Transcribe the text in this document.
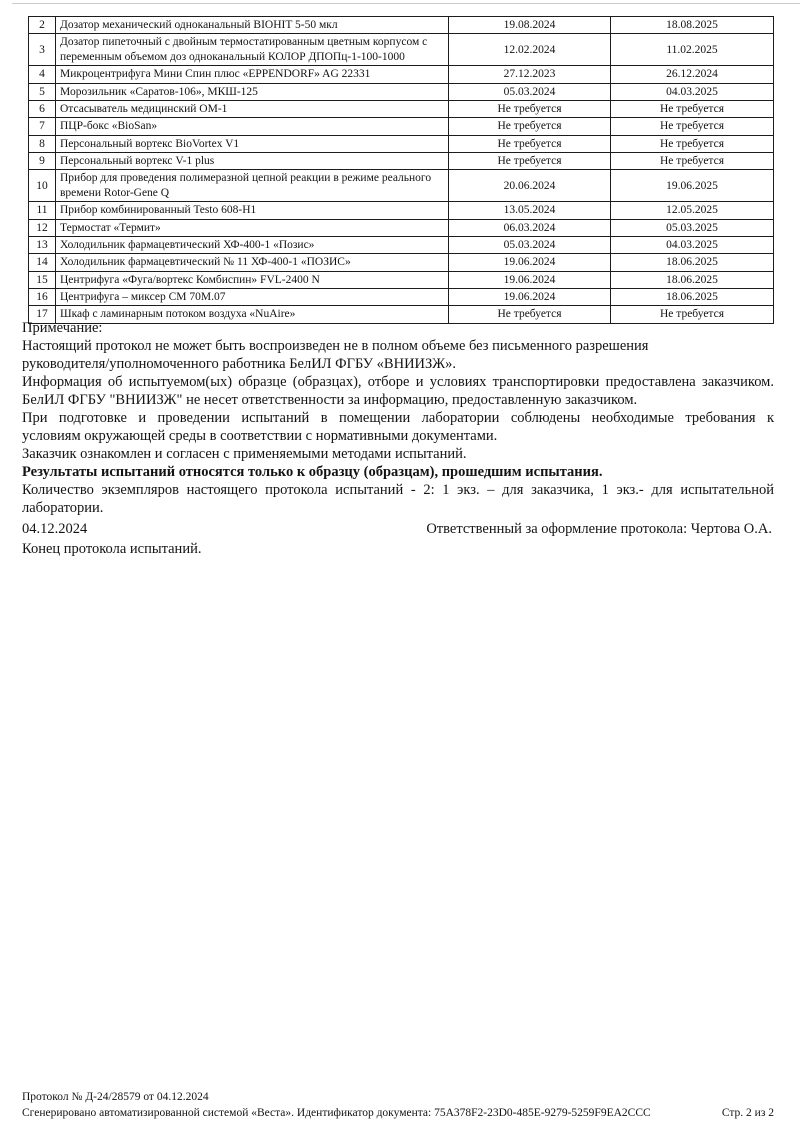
2	Дозатор механический одноканальный BIOHIT 5-50 мкл	19.08.2024	18.08.2025
3	Дозатор пипеточный с двойным термостатированным цветным корпусом с переменным объемом доз одноканальный КОЛОР ДПОПц-1-100-1000	12.02.2024	11.02.2025
4	Микроцентрифуга Мини Спин плюс «EPPENDORF» AG 22331	27.12.2023	26.12.2024
5	Морозильник «Саратов-106», МКШ-125	05.03.2024	04.03.2025
6	Отсасыватель медицинский ОМ-1	Не требуется	Не требуется
7	ПЦР-бокс «BioSan»	Не требуется	Не требуется
8	Персональный вортекс BioVortex V1	Не требуется	Не требуется
9	Персональный вортекс V-1 plus	Не требуется	Не требуется
10	Прибор для проведения полимеразной цепной реакции в режиме реального времени Rotor-Gene Q	20.06.2024	19.06.2025
11	Прибор комбинированный Testo 608-H1	13.05.2024	12.05.2025
12	Термостат «Термит»	06.03.2024	05.03.2025
13	Холодильник фармацевтический ХФ-400-1 «Позис»	05.03.2024	04.03.2025
14	Холодильник фармацевтический № 11 ХФ-400-1 «ПОЗИС»	19.06.2024	18.06.2025
15	Центрифуга «Фуга/вортекс Комбиспин» FVL-2400 N	19.06.2024	18.06.2025
16	Центрифуга – миксер СМ 70М.07	19.06.2024	18.06.2025
17	Шкаф с ламинарным потоком воздуха «NuAire»	Не требуется	Не требуется
Примечание:
Настоящий протокол не может быть воспроизведен не в полном объеме без письменного разрешения
руководителя/уполномоченного работника БелИЛ ФГБУ «ВНИИЗЖ».
Информация об испытуемом(ых) образце (образцах), отборе и условиях транспортировки предоставлена заказчиком.
БелИЛ ФГБУ "ВНИИЗЖ" не несет ответственности за информацию, предоставленную заказчиком.
При подготовке и проведении испытаний в помещении лаборатории соблюдены необходимые требования к
условиям окружающей среды в соответствии с нормативными документами.
Заказчик ознакомлен и согласен с применяемыми методами испытаний.
Результаты испытаний относятся только к образцу (образцам), прошедшим испытания.
Количество экземпляров настоящего протокола испытаний - 2: 1 экз. – для заказчика, 1 экз.- для испытательной
лаборатории.
04.12.2024	Ответственный за оформление протокола: Чертова О.А.
Конец протокола испытаний.
Протокол № Д-24/28579 от 04.12.2024
Сгенерировано автоматизированной системой «Веста». Идентификатор документа: 75A378F2-23D0-485E-9279-5259F9EA2CCC	Стр. 2 из 2
